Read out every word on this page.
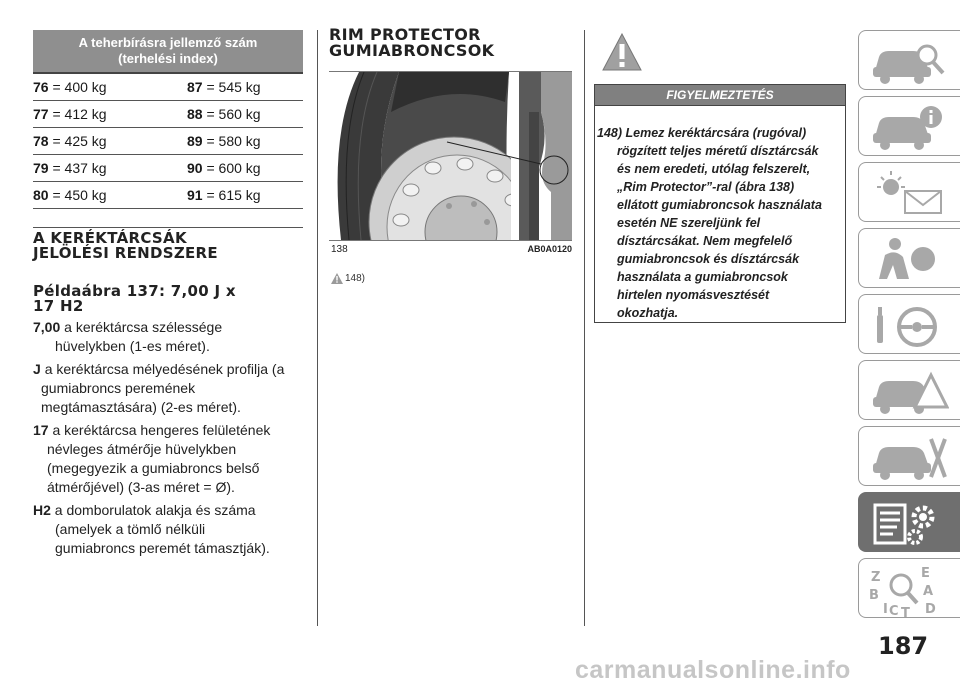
A teherbírásra jellemző szám
(terhelési index)
76 = 400 kg	87 = 545 kg
77 = 412 kg	88 = 560 kg
78 = 425 kg	89 = 580 kg
79 = 437 kg	90 = 600 kg
80 = 450 kg	91 = 615 kg
A KERÉKTÁRCSÁK
JELÖLÉSI RENDSZERE
Példaábra 137: 7,00 J x
17 H2
7,00 a keréktárcsa szélessége
hüvelykben (1-es méret).
J a keréktárcsa mélyedésének profilja (a
gumiabroncs peremének
megtámasztására) (2-es méret).
17 a keréktárcsa hengeres felületének
névleges átmérője hüvelykben
(megegyezik a gumiabroncs belső
átmérőjével) (3-as méret = Ø).
H2 a domborulatok alakja és száma
(amelyek a tömlő nélküli
gumiabroncs peremét támasztják).
RIM PROTECTOR
GUMIABRONCSOK
138	AB0A0120
148)
FIGYELMEZTETÉS
148) Lemez keréktárcsára (rugóval)
rögzített teljes méretű dísztárcsák
és nem eredeti, utólag felszerelt,
„Rim Protector”-ral (ábra 138)
ellátott gumiabroncsok használata
esetén NE szereljünk fel
dísztárcsákat. Nem megfelelő
gumiabroncsok és dísztárcsák
használata a gumiabroncsok
hirtelen nyomásvesztését
okozhatja.
Z	E
B	A
C D
T
I
187
carmanualsonline.info
